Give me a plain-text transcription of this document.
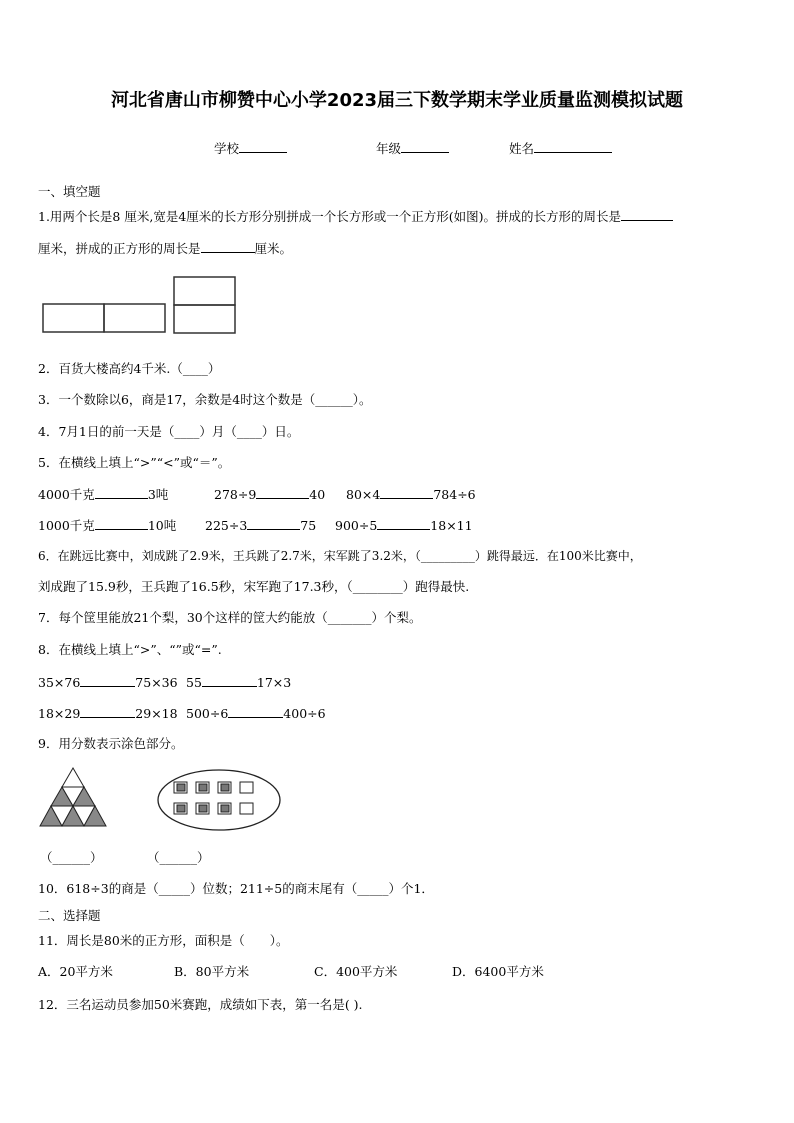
河北省唐山市柳赞中心小学2023届三下数学期末学业质量监测模拟试题
学校	年级	姓名
一、填空题
1.用两个长是8 厘米,宽是4厘米的长方形分别拼成一个长方形或一个正方形(如图)。拼成的长方形的周长是
厘米，拼成的正方形的周长是	厘米。
2．百货大楼高约4千米.（____）
3．一个数除以6，商是17，余数是4时这个数是（______）。
4．7月1日的前一天是（____）月（____）日。
5．在横线上填上“>”“<”或“＝”。
4000千克	3吨	278÷9	40 80×4	784÷6
1000千克	10吨 225÷3	75 900÷5	18×11
6．在跳远比赛中，刘成跳了2.9米，王兵跳了2.7米，宋军跳了3.2米，（_________）跳得最远．在100米比赛中，
刘成跑了15.9秒，王兵跑了16.5秒，宋军跑了17.3秒，（________）跑得最快.
7．每个筐里能放21个梨，30个这样的筐大约能放（_______）个梨。
8．在横线上填上“>”、“”或“=”.
35×76	75×36 55	17×3
18×29	29×18 500÷6	400÷6
9．用分数表示涂色部分。
（______）	（______）
10．618÷3的商是（_____）位数；211÷5的商末尾有（_____）个1．
二、选择题
11．周长是80米的正方形，面积是（　　）。
A．20平方米	B．80平方米	C．400平方米	D．6400平方米
12．三名运动员参加50米赛跑，成绩如下表，第一名是( ).
